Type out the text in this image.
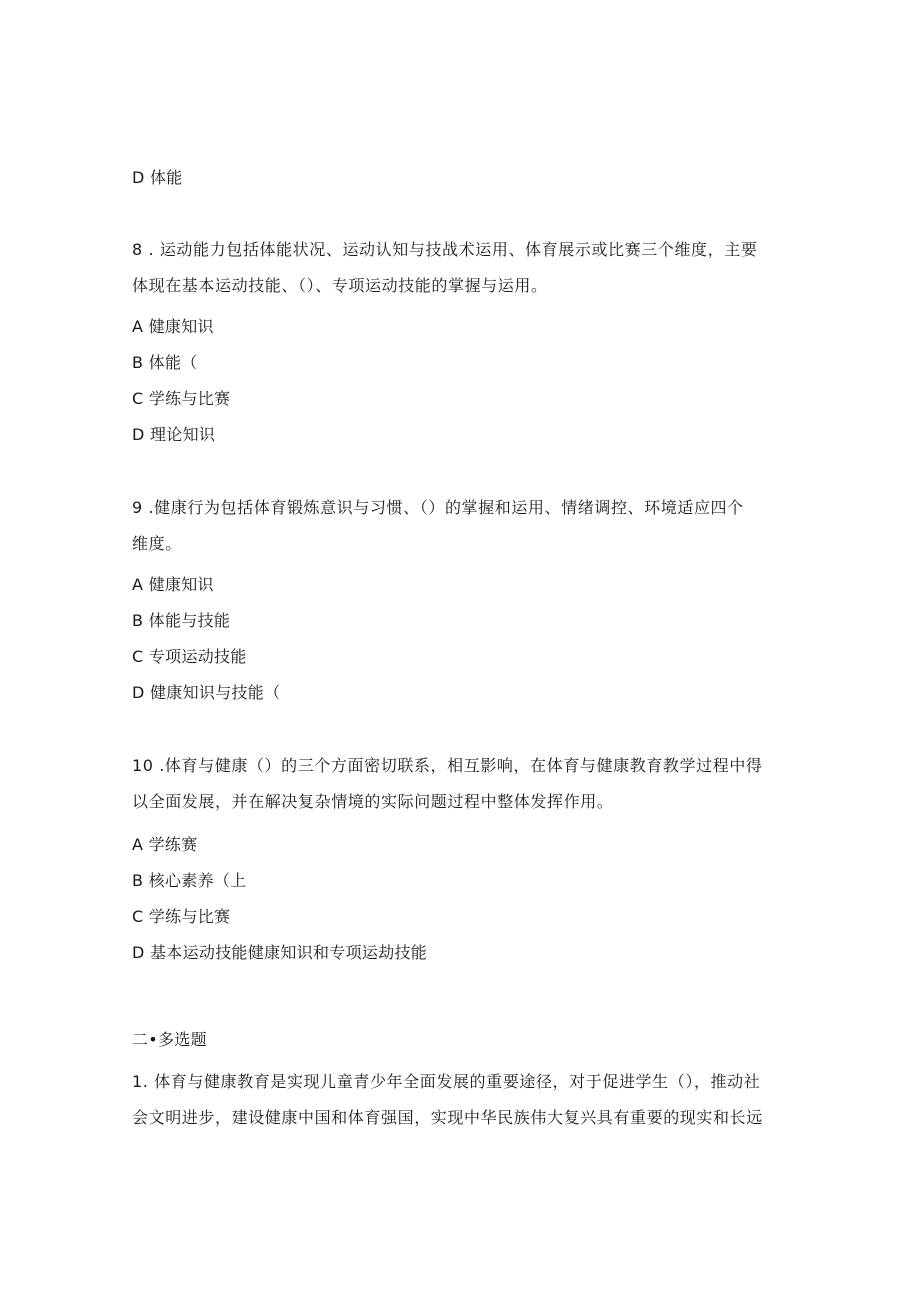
D 体能
8 . 运动能力包括体能状况、运动认知与技战术运用、体育展示或比赛三个维度，主要
体现在基本运动技能、（）、专项运动技能的掌握与运用。
A 健康知识
B 体能（
C 学练与比赛
D 理论知识
9 .健康行为包括体育锻炼意识与习惯、（）的掌握和运用、情绪调控、环境适应四个
维度。
A 健康知识
B 体能与技能
C 专项运动技能
D 健康知识与技能（
10 .体育与健康（）的三个方面密切联系，相互影响，在体育与健康教育教学过程中得
以全面发展，并在解决复杂情境的实际问题过程中整体发挥作用。
A 学练赛
B 核心素养（上
C 学练与比赛
D 基本运动技能健康知识和专项运劫技能
二•多选题
1. 体育与健康教育是实现儿童青少年全面发展的重要途径，对于促进学生（），推动社
会文明进步，建设健康中国和体育强国，实现中华民族伟大复兴具有重要的现实和长远
